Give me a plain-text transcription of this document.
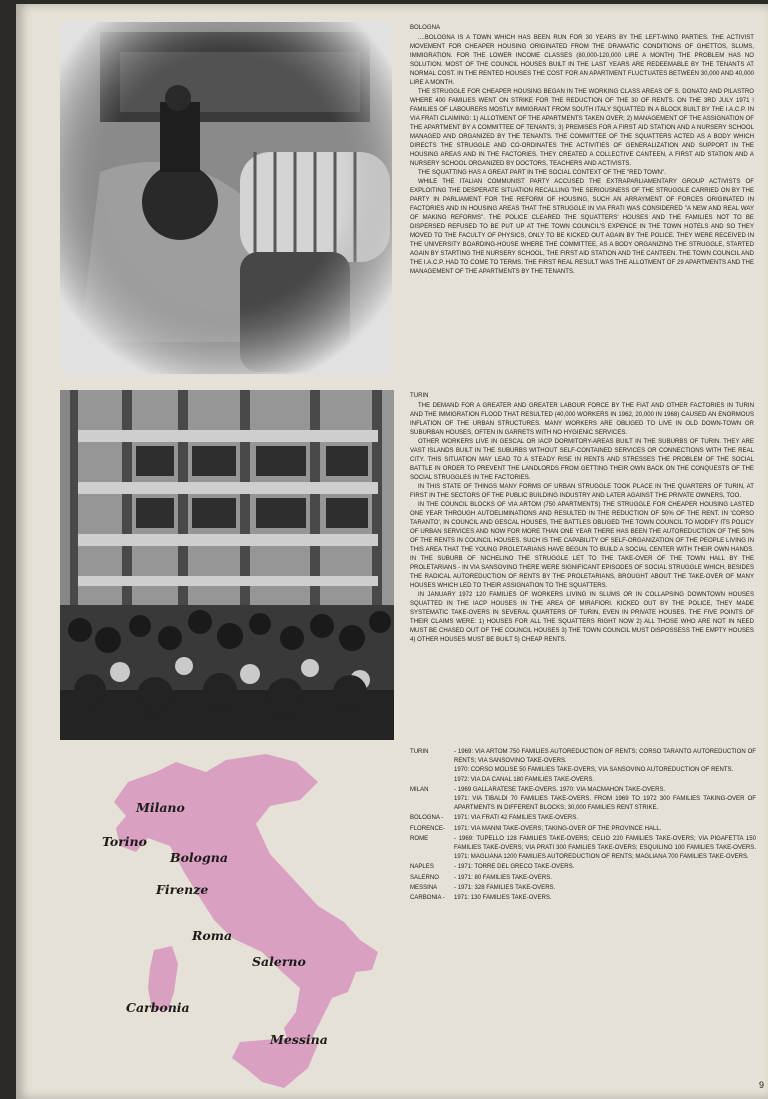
BOLOGNA

....BOLOGNA IS A TOWN WHICH HAS BEEN RUN FOR 30 YEARS BY THE LEFT-WING PARTIES. THE ACTIVIST MOVEMENT FOR CHEAPER HOUSING ORIGINATED FROM THE DRAMATIC CONDITIONS OF GHETTOS, SLUMS, IMMIGRATION. FOR THE LOWER INCOME CLASSES (80,000-120,000 LIRE A MONTH) THE PROBLEM HAS NO SOLUTION. MOST OF THE COUNCIL HOUSES BUILT IN THE LAST YEARS ARE REDEEMABLE BY THE TENANTS AT NORMAL COST. IN THE RENTED HOUSES THE COST FOR AN APARTMENT FLUCTUATES BETWEEN 30,000 AND 40,000 LIRE A MONTH.

THE STRUGGLE FOR CHEAPER HOUSING BEGAN IN THE WORKING CLASS AREAS OF S. DONATO AND PILASTRO WHERE 400 FAMILIES WENT ON STRIKE FOR THE REDUCTION OF THE 30 OF RENTS. ON THE 3RD JULY 1971 ! FAMILIES OF LABOURERS MOSTLY IMMIGRANT FROM SOUTH ITALY SQUATTED IN A BLOCK BUILT BY THE I.A.C.P. IN VIA FRATI CLAIMING: 1) ALLOTMENT OF THE APARTMENTS TAKEN OVER; 2) MANAGEMENT OF THE ASSIGNATION OF THE APARTMENT BY A COMMITTEE OF TENANTS; 3) PREMISES FOR A FIRST AID STATION AND A NURSERY SCHOOL MANAGED AND ORGANIZED BY THE TENANTS. THE COMMITTEE OF THE SQUATTERS ACTED AS A BODY WHICH DIRECTS THE STRUGGLE AND CO-ORDINATES THE ACTIVITIES OF GENERALIZATION AND SUPPORT IN THE HOUSING AREAS AND IN THE FACTORIES. THEY CREATED A COLLECTIVE CANTEEN, A FIRST AID STATION AND A NURSERY SCHOOL ORGANIZED BY DOCTORS, TEACHERS AND ACTIVISTS.

THE SQUATTING HAS A GREAT PART IN THE SOCIAL CONTEXT OF THE "RED TOWN".

WHILE THE ITALIAN COMMUNIST PARTY ACCUSED THE EXTRAPARLIAMENTARY GROUP ACTIVISTS OF EXPLOITING THE DESPERATE SITUATION RECALLING THE SERIOUSNESS OF THE STRUGGLE CARRIED ON BY THE PARTY IN PARLIAMENT FOR THE REFORM OF HOUSING, SUCH AN ARRAYMENT OF FORCES ORIGINATED IN FACTORIES AND IN HOUSING AREAS THAT THE STRUGGLE IN VIA FRATI WAS CONSIDERED "A NEW AND REAL WAY OF MAKING REFORMS". THE POLICE CLEARED THE SQUATTERS' HOUSES AND THE FAMILIES NOT TO BE DISPERSED REFUSED TO BE PUT UP AT THE TOWN COUNCIL'S EXPENCE IN THE TOWN HOTELS AND SO THEY MOVED TO THE FACULTY OF PHYSICS, ONLY TO BE KICKED OUT AGAIN BY THE POLICE. THEY WERE RECEIVED IN THE UNIVERSITY BOARDING-HOUSE WHERE THE COMMITTEE, AS A BODY ORGANIZING THE STRUGGLE, STARTED AGAIN BY STARTING THE NURSERY SCHOOL, THE FIRST AID STATION AND THE CANTEEN. THE TOWN COUNCIL AND THE I.A.C.P. HAD TO COME TO TERMS. THE FIRST REAL RESULT WAS THE ALLOTMENT OF 29 APARTMENTS AND THE MANAGEMENT OF THE APARTMENTS BY THE TENANTS.

TURIN

THE DEMAND FOR A GREATER AND GREATER LABOUR FORCE BY THE FIAT AND OTHER FACTORIES IN TURIN AND THE IMMIGRATION FLOOD THAT RESULTED (40,000 WORKERS IN 1962, 20,000 IN 1968) CAUSED AN ENORMOUS INFLATION OF THE URBAN STRUCTURES. MANY WORKERS ARE OBLIGED TO LIVE IN OLD DOWN-TOWN OR SUBURBAN HOUSES, OFTEN IN GARRETS WITH NO HYGIENIC SERVICES.

OTHER WORKERS LIVE IN GESCAL OR IACP DORMITORY-AREAS BUILT IN THE SUBURBS OF TURIN. THEY ARE VAST ISLANDS BUILT IN THE SUBURBS WITHOUT SELF-CONTAINED SERVICES OR CONNECTIONS WITH THE REAL CITY. THIS SITUATION MAY LEAD TO A STEADY RISE IN RENTS AND STRESSES THE PROBLEM OF THE SOCIAL BATTLE IN ORDER TO PREVENT THE LANDLORDS FROM GETTING THEIR OWN BACK ON THE CONQUESTS OF THE SOCIAL STRUGGLES IN THE FACTORIES.

IN THIS STATE OF THINGS MANY FORMS OF URBAN STRUGGLE TOOK PLACE IN THE QUARTERS OF TURIN, AT FIRST IN THE SECTORS OF THE PUBLIC BUILDING INDUSTRY AND LATER AGAINST THE PRIVATE OWNERS, TOO.

IN THE COUNCIL BLOCKS OF VIA ARTOM (750 APARTMENTS) THE STRUGGLE FOR CHEAPER HOUSING LASTED ONE YEAR THROUGH AUTOELIMINATIONS AND RESULTED IN THE REDUCTION OF 50% OF THE RENT. IN 'CORSO TARANTO', IN COUNCIL AND GESCAL HOUSES, THE BATTLES OBLIGED THE TOWN COUNCIL TO MODIFY ITS POLICY OF URBAN SERVICES AND NOW FOR MORE THAN ONE YEAR THERE HAS BEEN THE AUTOREDUCTION OF THE 50% OF THE RENTS IN COUNCIL HOUSES. SUCH IS THE CAPABILITY OF SELF-ORGANIZATION OF THE PEOPLE LIVING IN THIS AREA THAT THE YOUNG PROLETARIANS HAVE BEGUN TO BUILD A SOCIAL CENTER WITH THEIR OWN HANDS. IN THE SUBURB OF NICHELINO THE STRUGGLE LET TO THE TAKE-OVER OF THE TOWN HALL BY THE PROLETARIANS - IN VIA SANSOVINO THERE WERE SIGNIFICANT EPISODES OF SOCIAL STRUGGLE WHICH, BESIDES THE RADICAL AUTOREDUCTION OF RENTS BY THE PROLETARIANS, BROUGHT ABOUT THE TAKE-OVER OF MANY HOUSES WHICH LED TO THEIR ASSIGNATION TO THE SQUATTERS.

IN JANUARY 1972 120 FAMILIES OF WORKERS LIVING IN SLUMS OR IN COLLAPSING DOWNTOWN HOUSES SQUATTED IN THE IACP HOUSES IN THE AREA OF MIRAFIORI. KICKED OUT BY THE POLICE, THEY MADE SYSTEMATIC TAKE-OVERS IN SEVERAL QUARTERS OF TURIN, EVEN IN PRIVATE HOUSES. THE FIVE POINTS OF THEIR CLAIMS WERE: 1) HOUSES FOR ALL THE SQUATTERS RIGHT NOW 2) ALL THOSE WHO ARE NOT IN NEED MUST BE CHASED OUT OF THE COUNCIL HOUSES 3) THE TOWN COUNCIL MUST DISPOSSESS THE EMPTY HOUSES 4) OTHER HOUSES MUST BE BUILT 5) CHEAP RENTS.

TURIN	- 1969: VIA ARTOM 750 FAMILIES AUTOREDUCTION OF RENTS; CORSO TARANTO AUTOREDUCTION OF RENTS; VIA SANSOVINO TAKE-OVERS.
1970: CORSO MOLISE 50 FAMILIES TAKE-OVERS, VIA SANSOVINO AUTOREDUCTION OF RENTS.
1972: VIA DA CANAL 180 FAMILIES TAKE-OVERS.
MILAN	- 1969 GALLARATESE TAKE-OVERS. 1970: VIA MACMAHON TAKE-OVERS.
1971: VIA TIBALDI 70 FAMILIES TAKE-OVERS. FROM 1969 TO 1972 300 FAMILIES TAKING-OVER OF APARTMENTS IN DIFFERENT BLOCKS; 30,000 FAMILIES RENT STRIKE.
BOLOGNA -	1971: VIA FRATI 42 FAMILIES TAKE-OVERS.
FLORENCE-	1971: VIA MANNI TAKE-OVERS; TAKING-OVER OF THE PROVINCE HALL.
ROME	- 1969: TUPELLO 128 FAMILIES TAKE-OVERS; CELIO 220 FAMILIES TAKE-OVERS; VIA PIGAFETTA 150 FAMILIES TAKE-OVERS; VIA PRATI 300 FAMILIES TAKE-OVERS; ESQUILINO 100 FAMILIES TAKE-OVERS. 1971: MAGLIANA 1200 FAMILIES AUTOREDUCTION OF RENTS; MAGLIANA 700 FAMILIES TAKE-OVERS.
NAPLES	- 1971: TORRE DEL GRECO TAKE-OVERS.
SALERNO	- 1971: 80 FAMILIES TAKE-OVERS.
MESSINA	- 1971: 328 FAMILIES TAKE-OVERS.
CARBONIA -	1971: 130 FAMILIES TAKE-OVERS.
Milano
Torino
Bologna
Firenze
Roma
Salerno
Carbonia
Messina
9
